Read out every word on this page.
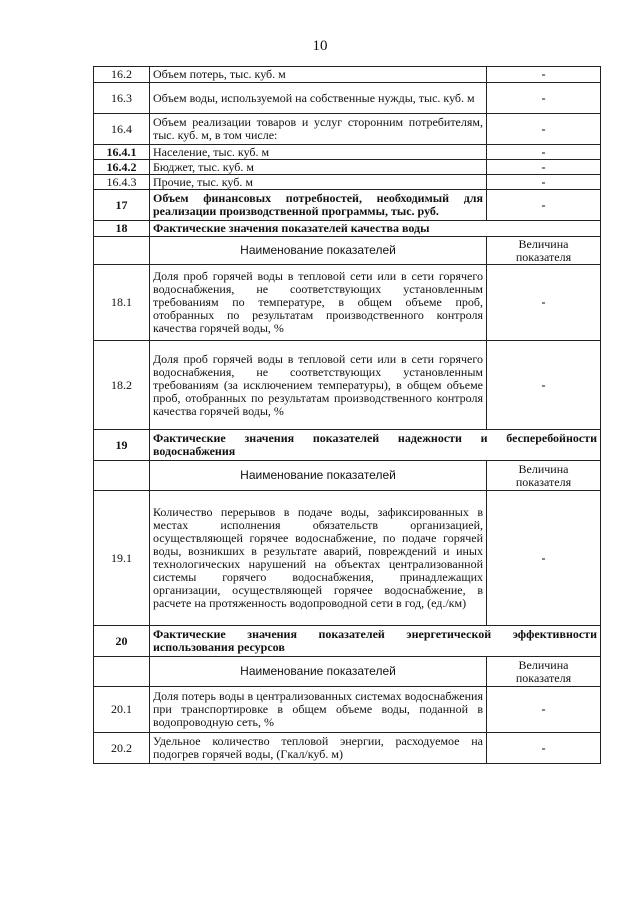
10
16.2	Объем потерь, тыс. куб. м	-
16.3	Объем воды, используемой на собственные нужды, тыс. куб. м	-
16.4	Объем реализации товаров и услуг сторонним потребителям, тыс. куб. м, в том числе:	-
16.4.1	Население, тыс. куб. м	-
16.4.2	Бюджет, тыс. куб. м	-
16.4.3	Прочие, тыс. куб. м	-
17	Объем финансовых потребностей, необходимый для реализации производственной программы, тыс. руб.	-
18	Фактические значения показателей качества воды	
	Наименование показателей	Величина показателя
18.1	Доля проб горячей воды в тепловой сети или в сети горячего водоснабжения, не соответствующих установленным требованиям по температуре, в общем объеме проб, отобранных по результатам производственного контроля качества горячей воды, %	-
18.2	Доля проб горячей воды в тепловой сети или в сети горячего водоснабжения, не соответствующих установленным требованиям (за исключением температуры), в общем объеме проб, отобранных по результатам производственного контроля качества горячей воды, %	-
19	Фактические значения показателей надежности и бесперебойности водоснабжения	
	Наименование показателей	Величина показателя
19.1	Количество перерывов в подаче воды, зафиксированных в местах исполнения обязательств организацией, осуществляющей горячее водоснабжение, по подаче горячей воды, возникших в результате аварий, повреждений и иных технологических нарушений на объектах централизованной системы горячего водоснабжения, принадлежащих организации, осуществляющей горячее водоснабжение, в расчете на протяженность водопроводной сети в год, (ед./км)	-
20	Фактические значения показателей энергетической эффективности использования ресурсов	
	Наименование показателей	Величина показателя
20.1	Доля потерь воды в централизованных системах водоснабжения при транспортировке в общем объеме воды, поданной в водопроводную сеть, %	-
20.2	Удельное количество тепловой энергии, расходуемое на подогрев горячей воды, (Гкал/куб. м)	-
